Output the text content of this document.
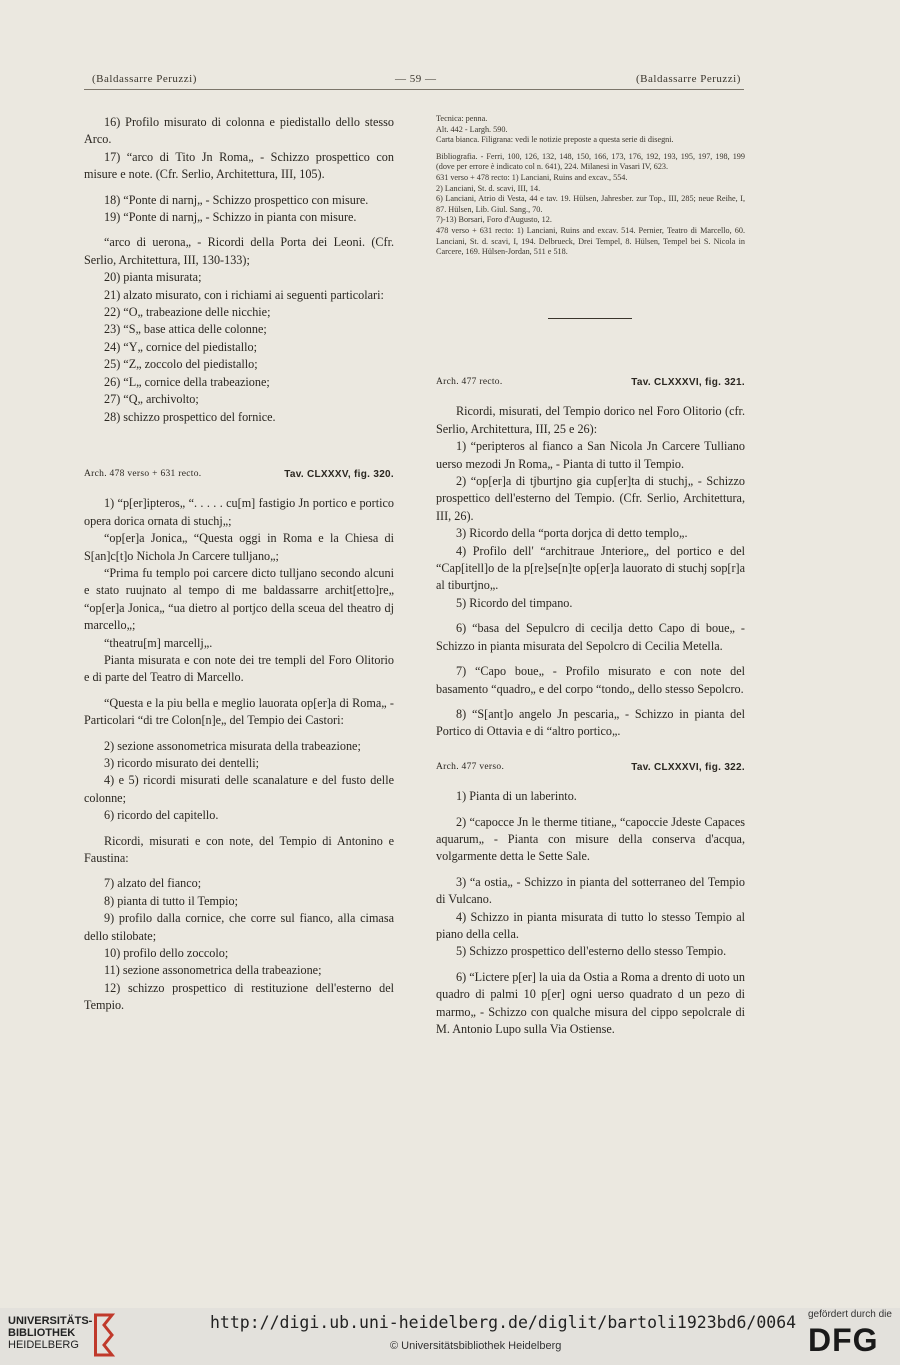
(Baldassarre Peruzzi)	— 59 —	(Baldassarre Peruzzi)

16) Profilo misurato di colonna e piedistallo dello stesso Arco.

17) “arco di Tito Jn Roma„ - Schizzo prospettico con misure e note. (Cfr. Serlio, Architettura, III, 105).

18) “Ponte di narnj„ - Schizzo prospettico con misure.

19) “Ponte di narnj„ - Schizzo in pianta con misure.

“arco di uerona„ - Ricordi della Porta dei Leoni. (Cfr. Serlio, Architettura, III, 130-133);

20) pianta misurata;

21) alzato misurato, con i richiami ai seguenti particolari:

22) “O„ trabeazione delle nicchie;

23) “S„ base attica delle colonne;

24) “Y„ cornice del piedistallo;

25) “Z„ zoccolo del piedistallo;

26) “L„ cornice della trabeazione;

27) “Q„ archivolto;

28) schizzo prospettico del fornice.

Arch. 478 verso + 631 recto.	Tav. CLXXXV, fig. 320.

1) “p[er]ipteros„ “. . . . . cu[m] fastigio Jn portico e portico opera dorica ornata di stuchj„;

“op[er]a Jonica„ “Questa oggi in Roma e la Chiesa di S[an]c[t]o Nichola Jn Carcere tulljano„;

“Prima fu templo poi carcere dicto tulljano secondo alcuni e stato ruujnato al tempo di me baldassarre archit[etto]re„ “op[er]a Jonica„ “ua dietro al portjco della sceua del theatro dj marcello„;

“theatru[m] marcellj„.

Pianta misurata e con note dei tre templi del Foro Olitorio e di parte del Teatro di Marcello.

“Questa e la piu bella e meglio lauorata op[er]a di Roma„ - Particolari “di tre Colon[n]e„ del Tempio dei Castori:

2) sezione assonometrica misurata della trabeazione;

3) ricordo misurato dei dentelli;

4) e 5) ricordi misurati delle scanalature e del fusto delle colonne;

6) ricordo del capitello.

Ricordi, misurati e con note, del Tempio di Antonino e Faustina:

7) alzato del fianco;

8) pianta di tutto il Tempio;

9) profilo dalla cornice, che corre sul fianco, alla cimasa dello stilobate;

10) profilo dello zoccolo;

11) sezione assonometrica della trabeazione;

12) schizzo prospettico di restituzione dell'esterno del Tempio.

Tecnica: penna.

Alt. 442 - Largh. 590.

Carta bianca. Filigrana: vedi le notizie preposte a questa serie di disegni.

Bibliografia. - Ferri, 100, 126, 132, 148, 150, 166, 173, 176, 192, 193, 195, 197, 198, 199 (dove per errore è indicato col n. 641), 224. Milanesi in Vasari IV, 623.

631 verso + 478 recto: 1) Lanciani, Ruins and excav., 554.

2) Lanciani, St. d. scavi, III, 14.

6) Lanciani, Atrio di Vesta, 44 e tav. 19. Hülsen, Jahresber. zur Top., III, 285; neue Reihe, I, 87. Hülsen, Lib. Giul. Sang., 70.

7)-13) Borsari, Foro d'Augusto, 12.

478 verso + 631 recto: 1) Lanciani, Ruins and excav. 514. Pernier, Teatro di Marcello, 60. Lanciani, St. d. scavi, I, 194. Delbrueck, Drei Tempel, 8. Hülsen, Tempel bei S. Nicola in Carcere, 169. Hülsen-Jordan, 511 e 518.

Arch. 477 recto.	Tav. CLXXXVI, fig. 321.

Ricordi, misurati, del Tempio dorico nel Foro Olitorio (cfr. Serlio, Architettura, III, 25 e 26):

1) “peripteros al fianco a San Nicola Jn Carcere Tulliano uerso mezodi Jn Roma„ - Pianta di tutto il Tempio.

2) “op[er]a di tjburtjno gia cup[er]ta di stuchj„ - Schizzo prospettico dell'esterno del Tempio. (Cfr. Serlio, Architettura, III, 26).

3) Ricordo della “porta dorjca di detto templo„.

4) Profilo dell' “architraue Jnteriore„ del portico e del “Cap[itell]o de la p[re]se[n]te op[er]a lauorato di stuchj sop[r]a al tiburtjno„.

5) Ricordo del timpano.

6) “basa del Sepulcro di cecilja detto Capo di boue„ - Schizzo in pianta misurata del Sepolcro di Cecilia Metella.

7) “Capo boue„ - Profilo misurato e con note del basamento “quadro„ e del corpo “tondo„ dello stesso Sepolcro.

8) “S[ant]o angelo Jn pescaria„ - Schizzo in pianta del Portico di Ottavia e di “altro portico„.

Arch. 477 verso.	Tav. CLXXXVI, fig. 322.

1) Pianta di un laberinto.

2) “capocce Jn le therme titiane„ “capoccie Jdeste Capaces aquarum„ - Pianta con misure della conserva d'acqua, volgarmente detta le Sette Sale.

3) “a ostia„ - Schizzo in pianta del sotterraneo del Tempio di Vulcano.

4) Schizzo in pianta misurata di tutto lo stesso Tempio al piano della cella.

5) Schizzo prospettico dell'esterno dello stesso Tempio.

6) “Lictere p[er] la uia da Ostia a Roma a drento di uoto un quadro di palmi 10 p[er] ogni uerso quadrato d un pezo di marmo„ - Schizzo con qualche misura del cippo sepolcrale di M. Antonio Lupo sulla Via Ostiense.

UNIVERSITÄTS-
BIBLIOTHEK
HEIDELBERG
http://digi.ub.uni-heidelberg.de/diglit/bartoli1923bd6/0064
© Universitätsbibliothek Heidelberg
gefördert durch die
DFG
